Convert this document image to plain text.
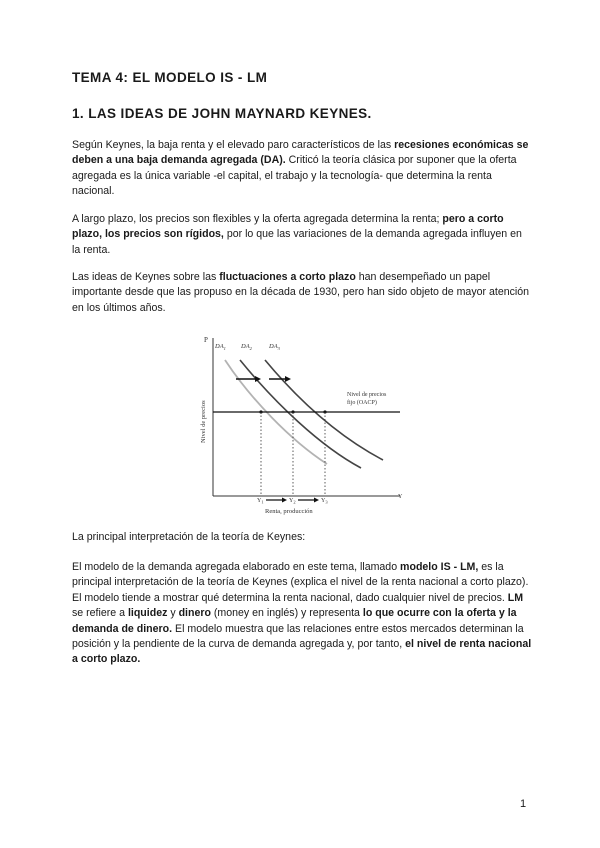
TEMA 4: EL MODELO IS - LM
1. LAS IDEAS DE JOHN MAYNARD KEYNES.
Según Keynes, la baja renta y el elevado paro característicos de las recesiones económicas se deben a una baja demanda agregada (DA). Criticó la teoría clásica por suponer que la oferta agregada es la única variable -el capital, el trabajo y la tecnología- que determina la renta nacional.
A largo plazo, los precios son flexibles y la oferta agregada determina la renta; pero a corto plazo, los precios son rígidos, por lo que las variaciones de la demanda agregada influyen en la renta.
Las ideas de Keynes sobre las fluctuaciones a corto plazo han desempeñado un papel importante desde que las propuso en la década de 1930, pero han sido objeto de mayor atención en los últimos años.
P
Y
Nivel de precios
Renta, producción
$DA_1$ $DA_2$	$DA_3$
Nivel de precios
fijo (OACP)
$Y_1$	$Y_2$	$Y_3$
La principal interpretación de la teoría de Keynes:
El modelo de la demanda agregada elaborado en este tema, llamado modelo IS - LM, es la principal interpretación de la teoría de Keynes (explica el nivel de la renta nacional a corto plazo). El modelo tiende a mostrar qué determina la renta nacional, dado cualquier nivel de precios. LM se refiere a liquidez y dinero (money en inglés) y representa lo que ocurre con la oferta y la demanda de dinero. El modelo muestra que las relaciones entre estos mercados determinan la posición y la pendiente de la curva de demanda agregada y, por tanto, el nivel de renta nacional a corto plazo.
1
